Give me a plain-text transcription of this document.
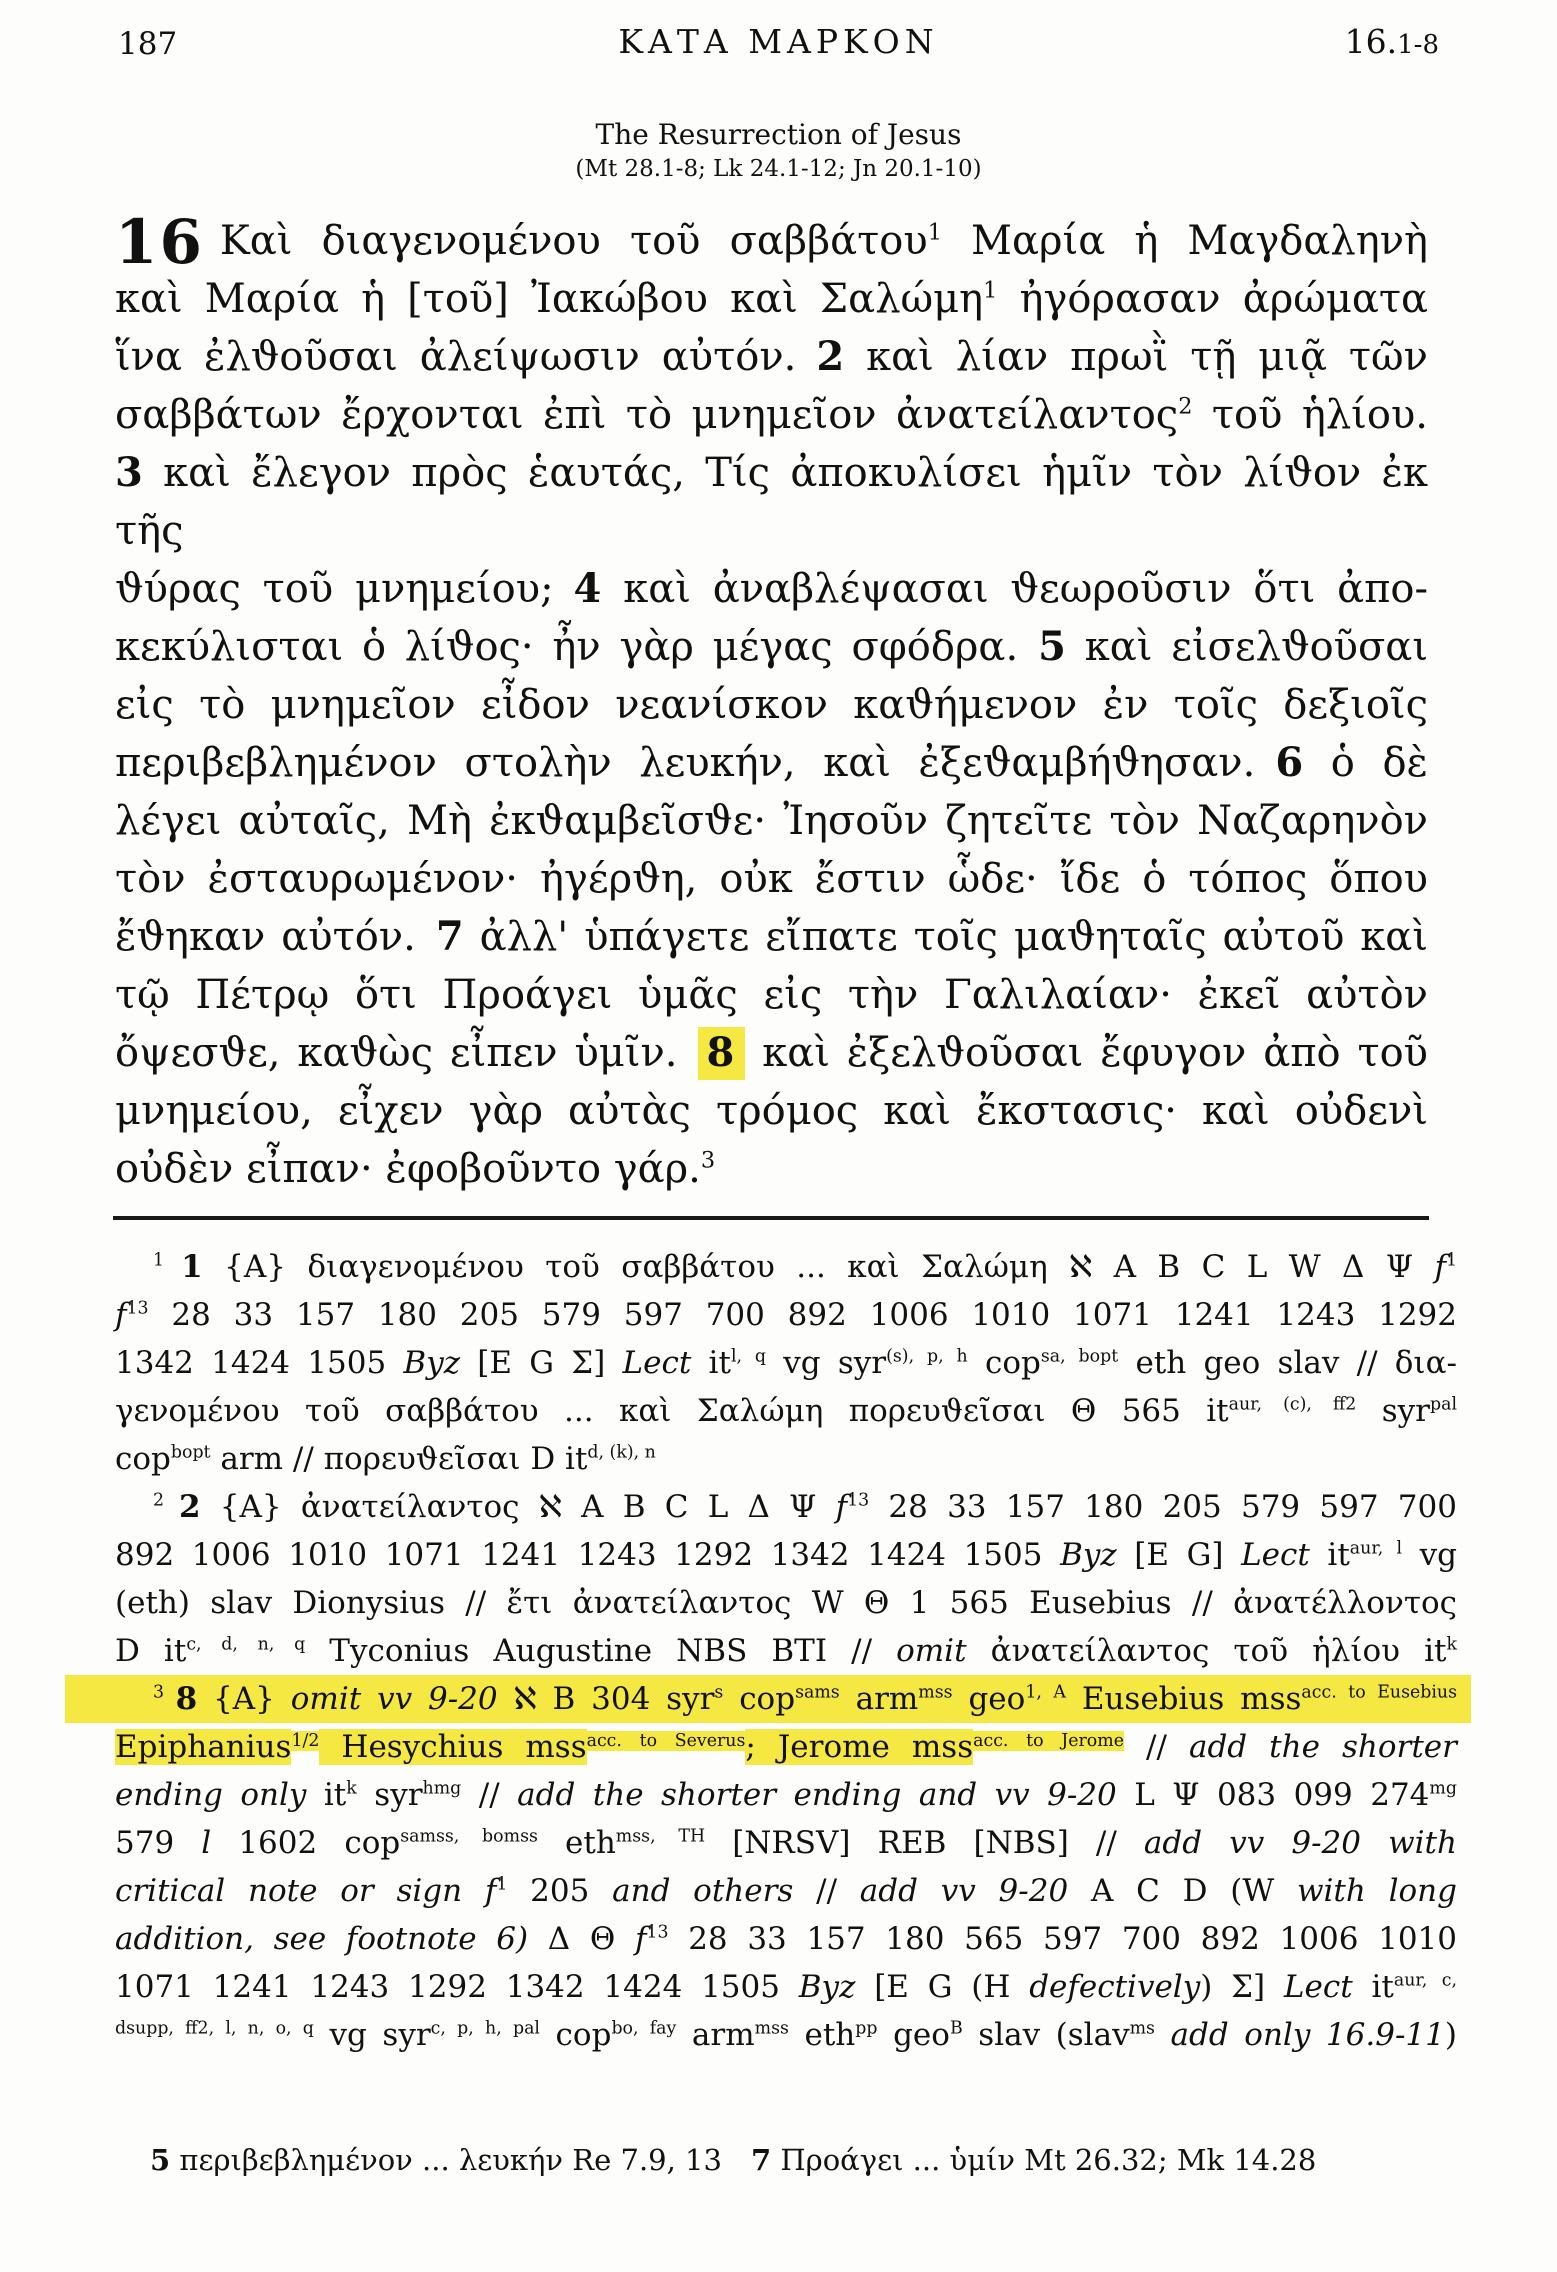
187	ΚΑΤΑ ΜΑΡΚΟΝ	16.1-8
The Resurrection of Jesus
(Mt 28.1-8; Lk 24.1-12; Jn 20.1-10)
16 Καὶ διαγενομένου τοῦ σαββάτου$^1$ Μαρία ἡ Μαγδαληνὴ
καὶ Μαρία ἡ [τοῦ] Ἰακώβου καὶ Σαλώμη$^1$ ἠγόρασαν ἀρώματα
ἵνα ἐλϑοῦσαι ἀλείψωσιν αὐτόν. 2 καὶ λίαν πρωῒ τῇ μιᾷ τῶν
σαββάτων ἔρχονται ἐπὶ τὸ μνημεῖον ἀνατείλαντος$^2$ τοῦ ἡλίου.
3 καὶ ἔλεγον πρὸς ἑαυτάς, Τίς ἀποκυλίσει ἡμῖν τὸν λίϑον ἐκ τῆς
ϑύρας τοῦ μνημείου; 4 καὶ ἀναβλέψασαι ϑεωροῦσιν ὅτι ἀπο-
κεκύλισται ὁ λίϑος· ἦν γὰρ μέγας σφόδρα. 5 καὶ εἰσελϑοῦσαι
εἰς τὸ μνημεῖον εἶδον νεανίσκον καϑήμενον ἐν τοῖς δεξιοῖς
περιβεβλημένον στολὴν λευκήν, καὶ ἐξεϑαμβήϑησαν. 6 ὁ δὲ
λέγει αὐταῖς, Μὴ ἐκϑαμβεῖσϑε· Ἰησοῦν ζητεῖτε τὸν Ναζαρηνὸν
τὸν ἐσταυρωμένον· ἠγέρϑη, οὐκ ἔστιν ὧδε· ἴδε ὁ τόπος ὅπου
ἔϑηκαν αὐτόν. 7 ἀλλ' ὑπάγετε εἴπατε τοῖς μαϑηταῖς αὐτοῦ καὶ
τῷ Πέτρῳ ὅτι Προάγει ὑμᾶς εἰς τὴν Γαλιλαίαν· ἐκεῖ αὐτὸν
ὄψεσϑε, καϑὼς εἶπεν ὑμῖν. 8 καὶ ἐξελϑοῦσαι ἔφυγον ἀπὸ τοῦ
μνημείου, εἶχεν γὰρ αὐτὰς τρόμος καὶ ἔκστασις· καὶ οὐδενὶ
οὐδὲν εἶπαν· ἐφοβοῦντο γάρ.$^3$
$^1$ 1 {A} διαγενομένου τοῦ σαββάτου ... καὶ Σαλώμη ℵ A B C L W Δ Ψ $f^1$
$f^{13}$ 28 33 157 180 205 579 597 700 892 1006 1010 1071 1241 1243 1292
1342 1424 1505 Byz [E G Σ] Lect it$^{l, q}$ vg syr$^{(s), p, h}$ cop$^{sa, bopt}$ eth geo slav // δια-
γενομένου τοῦ σαββάτου ... καὶ Σαλώμη πορευϑεῖσαι Θ 565 $it^{aur, (c), ff2}$ syr$^{pal}$
cop$^{bopt}$ arm // πορευϑεῖσαι D $it^{d, (k), n}$
$^2$ 2 {A} ἀνατείλαντος ℵ A B C L Δ Ψ $f^{13}$ 28 33 157 180 205 579 597 700
892 1006 1010 1071 1241 1243 1292 1342 1424 1505 Byz [E G] Lect $it^{aur, l}$ vg
(eth) slav Dionysius // ἔτι ἀνατείλαντος W Θ 1 565 Eusebius // ἀνατέλλοντος
D it$^{c, d, n, q}$ Tyconius Augustine NBS BTI // omit ἀνατείλαντος τοῦ ἡλίου $it^k$
$^3$ 8 {A} omit vv 9-20 ℵ B 304 syr$^s$ cop$^{sams}$ arm$^{mss}$ geo$^{1, A}$ Eusebius mss$^{acc. to Eusebius}$
Epiphanius$^{1/2}$ Hesychius mss$^{acc. to Severus}$; Jerome mss$^{acc. to Jerome}$ // add the shorter
ending only $it^k$ syr$^{hmg}$ // add the shorter ending and vv 9-20 L Ψ 083 099 $274^{mg}$
579 l 1602 cop$^{samss, bomss}$ eth$^{mss, TH}$ [NRSV] REB [NBS] // add vv 9-20 with
critical note or sign $f^1$ 205 and others // add vv 9-20 A C D (W with long
addition, see footnote 6) Δ Θ $f^{13}$ 28 33 157 180 565 597 700 892 1006 1010
1071 1241 1243 1292 1342 1424 1505 Byz [E G (H defectively) Σ] Lect $it^{aur, c,}$
$^{dsupp, ff2, l, n, o, q}$ vg syr$^{c, p, h, pal}$ cop$^{bo, fay}$ arm$^{mss}$ eth$^{pp}$ geo$^B$ slav (slav$^{ms}$ add only 16.9-11)
5 περιβεβλημένον ... λευκήν Re 7.9, 13 7 Προάγει ... ὑμίν Mt 26.32; Mk 14.28
